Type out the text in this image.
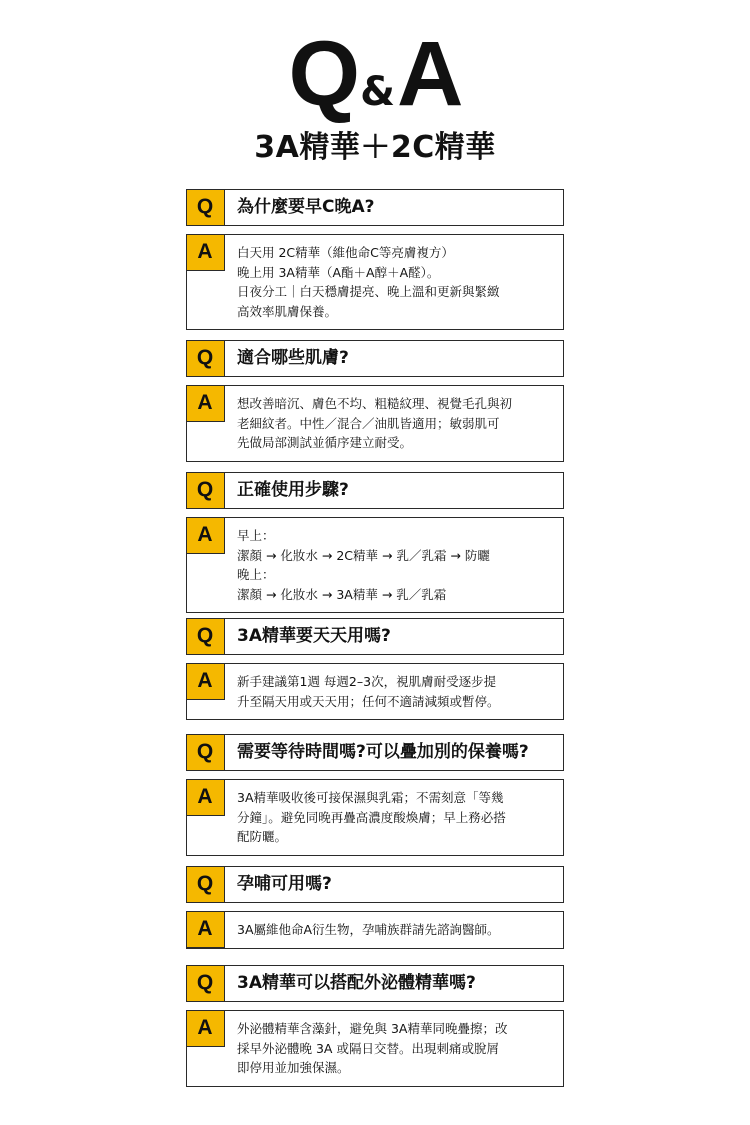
Q&A
3A精華＋2C精華
Q	為什麼要早C晚A?
A	白天用 2C精華（維他命C等亮膚複方）
晚上用 3A精華（A酯＋A醇＋A醛）。
日夜分工｜白天穩膚提亮、晚上溫和更新與緊緻
高效率肌膚保養。
Q	適合哪些肌膚?
A	想改善暗沉、膚色不均、粗糙紋理、視覺毛孔與初
老細紋者。中性／混合／油肌皆適用；敏弱肌可
先做局部測試並循序建立耐受。
Q	正確使用步驟?
A	早上：
潔顏 → 化妝水 → 2C精華 → 乳／乳霜 → 防曬
晚上：
潔顏 → 化妝水 → 3A精華 → 乳／乳霜
Q	3A精華要天天用嗎?
A	新手建議第1週 每週2–3次，視肌膚耐受逐步提
升至隔天用或天天用；任何不適請減頻或暫停。
Q	需要等待時間嗎?可以疊加別的保養嗎?
A	3A精華吸收後可接保濕與乳霜；不需刻意「等幾
分鐘」。避免同晚再疊高濃度酸煥膚；早上務必搭
配防曬。
Q	孕哺可用嗎?
A	3A屬維他命A衍生物，孕哺族群請先諮詢醫師。
Q	3A精華可以搭配外泌體精華嗎?
A	外泌體精華含藻針，避免與 3A精華同晚疊擦；改
採早外泌體晚 3A 或隔日交替。出現刺痛或脫屑
即停用並加強保濕。
